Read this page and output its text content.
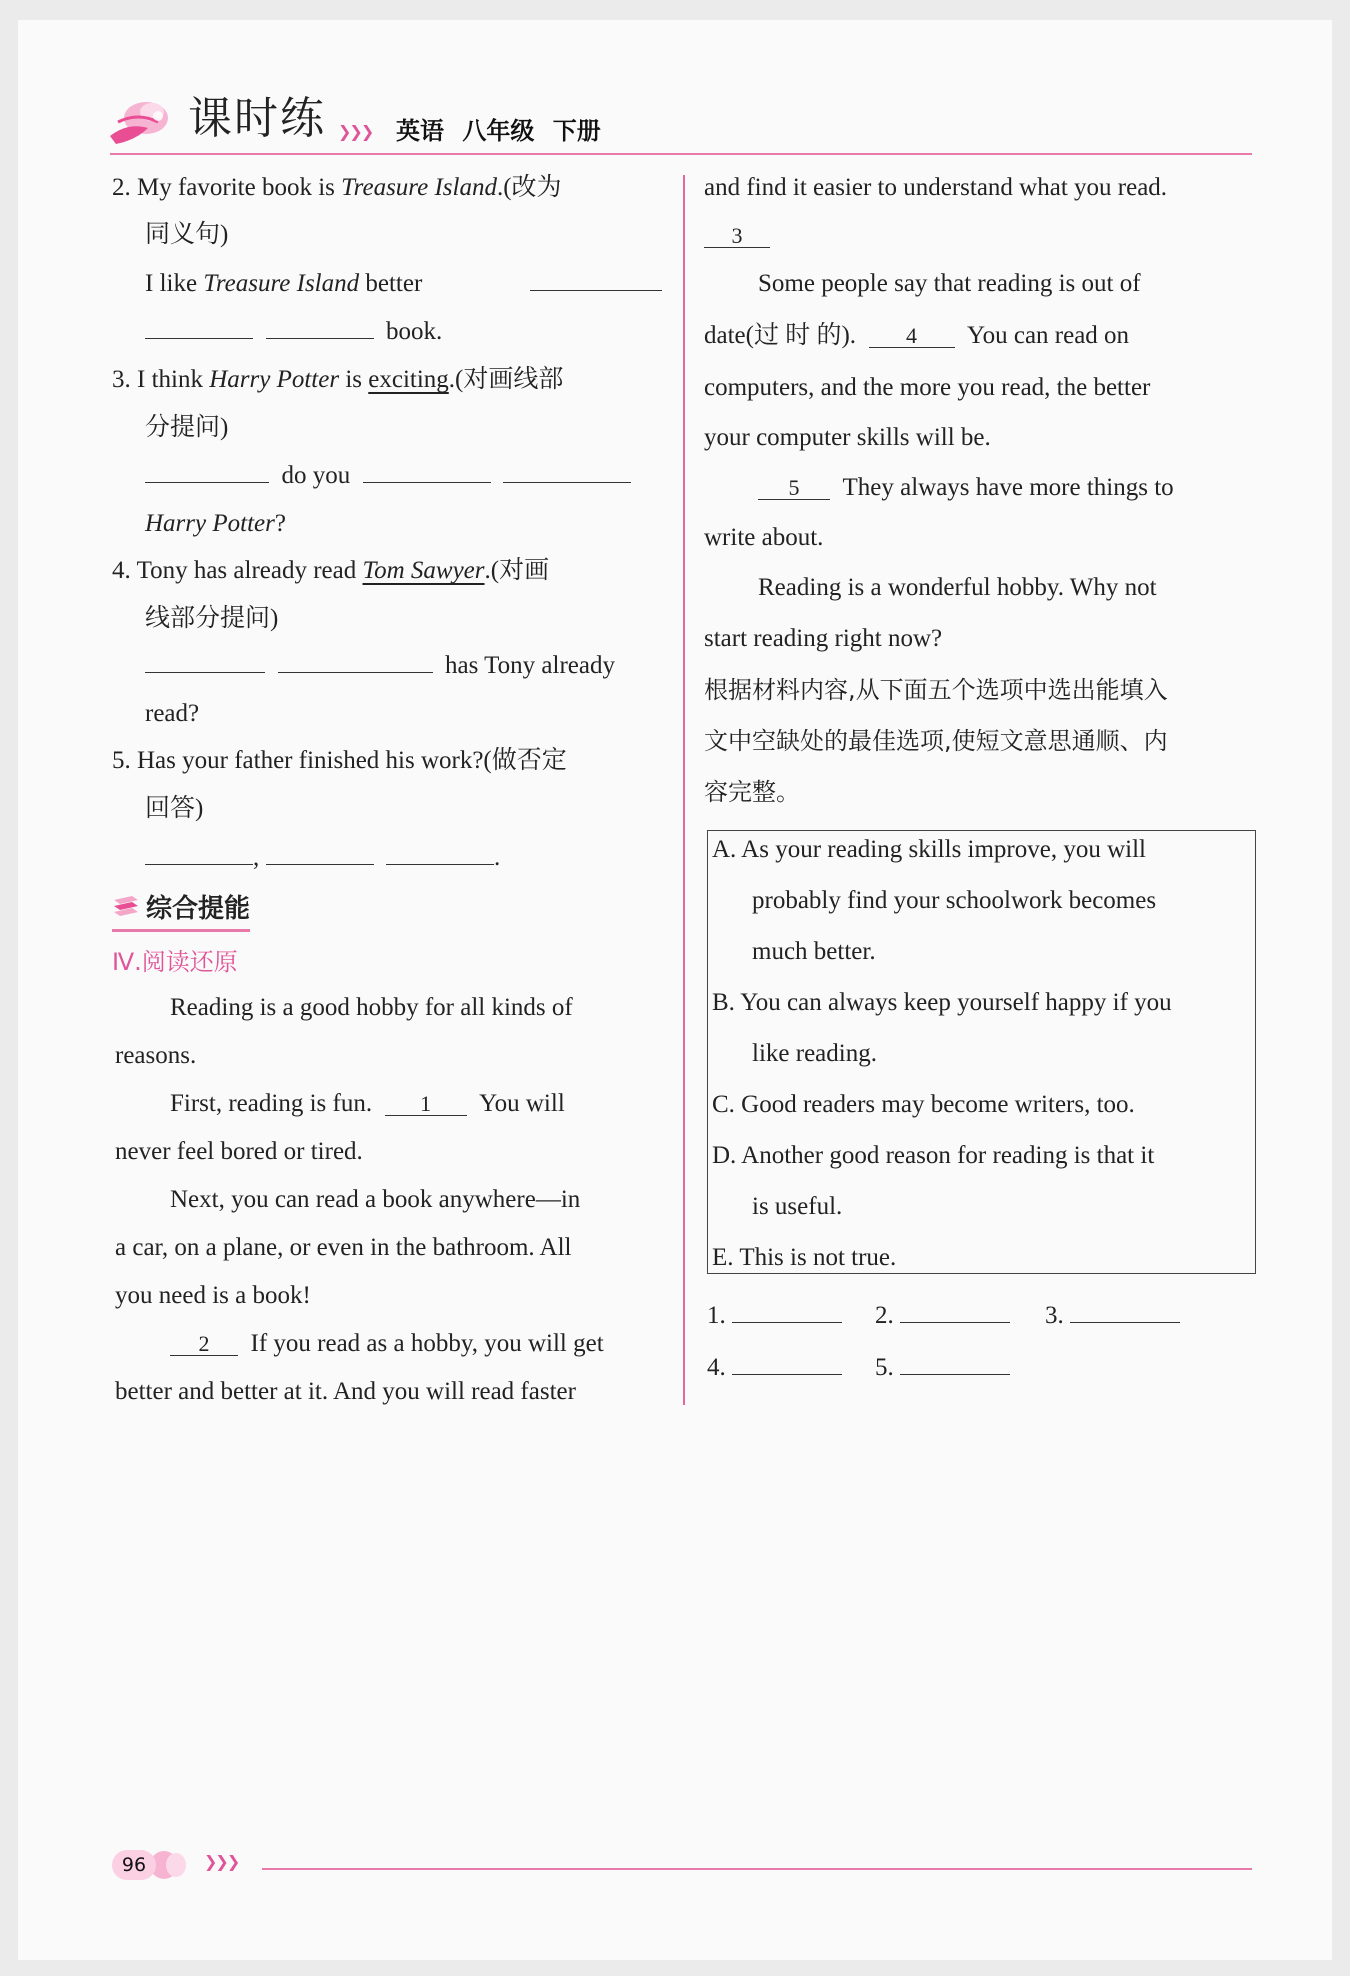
课时练 ❯❯❯ 英语 八年级 下册
2. My favorite book is Treasure Island.(改为
同义句)
I like Treasure Island better
book.
3. I think Harry Potter is exciting.(对画线部
分提问)
do you
Harry Potter?
4. Tony has already read Tom Sawyer.(对画
线部分提问)
has Tony already
read?
5. Has your father finished his work?(做否定
回答)
,	.
综合提能
Ⅳ.阅读还原
Reading is a good hobby for all kinds of
reasons.
First, reading is fun. 1 You will
never feel bored or tired.
Next, you can read a book anywhere—in
a car, on a plane, or even in the bathroom. All
you need is a book!
2 If you read as a hobby, you will get
better and better at it. And you will read faster
and find it easier to understand what you read.
3
Some people say that reading is out of
date(过 时 的). 4 You can read on
computers, and the more you read, the better
your computer skills will be.
5 They always have more things to
write about.
Reading is a wonderful hobby. Why not
start reading right now?
根据材料内容,从下面五个选项中选出能填入
文中空缺处的最佳选项,使短文意思通顺、内
容完整。
A. As your reading skills improve, you will
probably find your schoolwork becomes
much better.
B. You can always keep yourself happy if you
like reading.
C. Good readers may become writers, too.
D. Another good reason for reading is that it
is useful.
E. This is not true.
1.	2.	3.
4.	5.
96	❯❯❯
